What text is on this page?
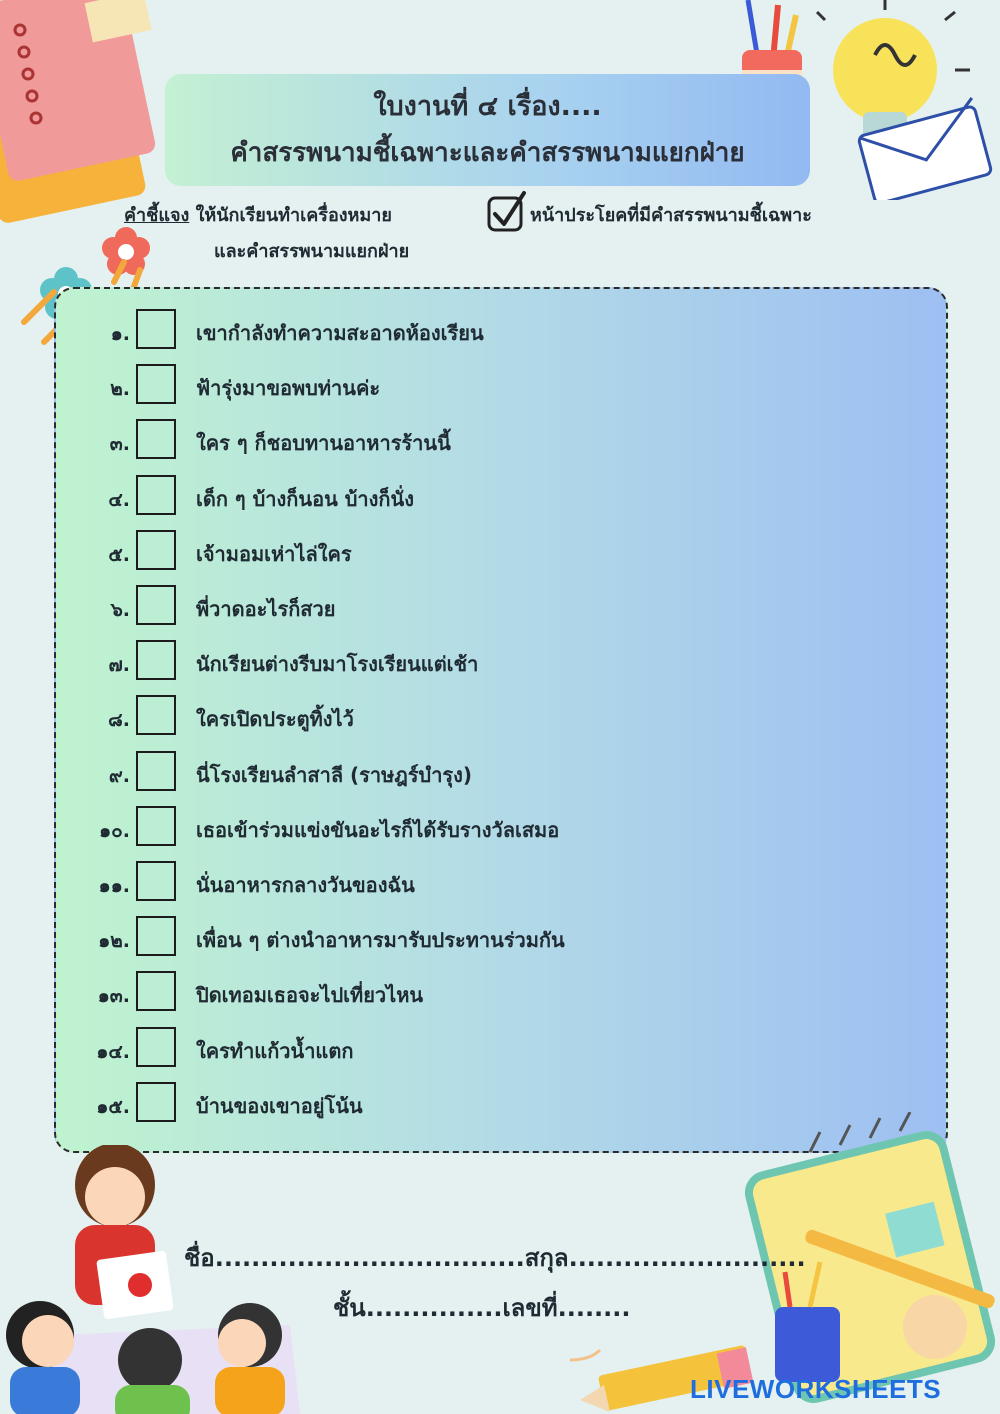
ใบงานที่ ๔ เรื่อง....
คำสรรพนามชี้เฉพาะและคำสรรพนามแยกฝ่าย
คำชี้แจง ให้นักเรียนทำเครื่องหมาย	หน้าประโยคที่มีคำสรรพนามชี้เฉพาะ
และคำสรรพนามแยกฝ่าย
๑.	เขากำลังทำความสะอาดห้องเรียน
๒.	ฟ้ารุ่งมาขอพบท่านค่ะ
๓.	ใคร ๆ ก็ชอบทานอาหารร้านนี้
๔.	เด็ก ๆ บ้างก็นอน บ้างก็นั่ง
๕.	เจ้ามอมเห่าไล่ใคร
๖.	พี่วาดอะไรก็สวย
๗.	นักเรียนต่างรีบมาโรงเรียนแต่เช้า
๘.	ใครเปิดประตูทิ้งไว้
๙.	นี่โรงเรียนลำสาลี (ราษฎร์บำรุง)
๑๐.	เธอเข้าร่วมแข่งขันอะไรก็ได้รับรางวัลเสมอ
๑๑.	นั่นอาหารกลางวันของฉัน
๑๒.	เพื่อน ๆ ต่างนำอาหารมารับประทานร่วมกัน
๑๓.	ปิดเทอมเธอจะไปเที่ยวไหน
๑๔.	ใครทำแก้วน้ำแตก
๑๕.	บ้านของเขาอยู่โน้น
ชื่อ..................................สกุล..........................
ชั้น...............เลขที่........
LIVEWORKSHEETS
